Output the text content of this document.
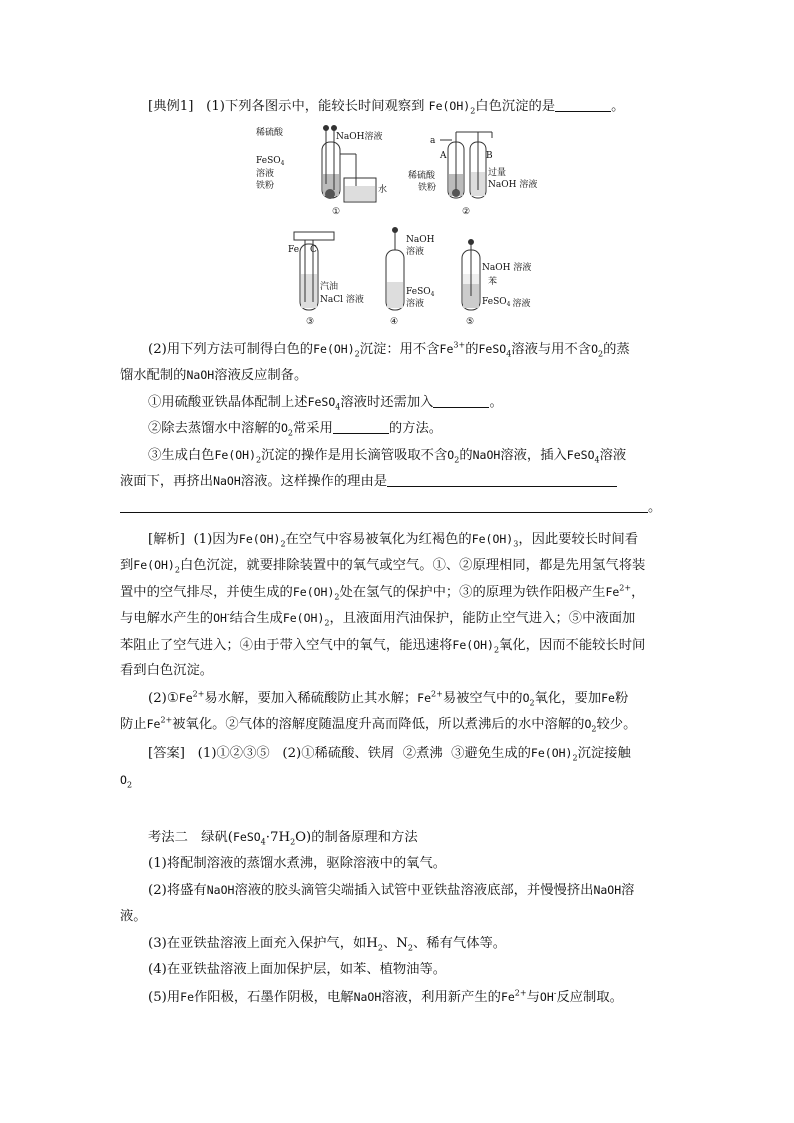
[典例1] (1)下列各图示中，能较长时间观察到 $Fe(OH)_2$白色沉淀的是	。
稀硫酸	NaOH溶液
FeSO$_4$
溶液
铁粉	水
①
a
A	B
稀硫酸
铁粉
过量
NaOH 溶液
②
Fe C
汽油
NaCl 溶液
③
NaOH
溶液
FeSO$_4$
溶液
④
NaOH 溶液
苯
FeSO$_4$ 溶液
⑤
(2)用下列方法可制得白色的$Fe(OH)_2$沉淀：用不含$Fe^{3+}$的FeSO$_4$溶液与用不含$O_2$的蒸
馏水配制的NaOH溶液反应制备。
①用硫酸亚铁晶体配制上述FeSO$_4$溶液时还需加入	。
②除去蒸馏水中溶解的$O_2$常采用	的方法。
③生成白色$Fe(OH)_2$沉淀的操作是用长滴管吸取不含$O_2$的NaOH溶液，插入FeSO$_4$溶液
液面下，再挤出NaOH溶液。这样操作的理由是
。
[解析] (1)因为$Fe(OH)_2$在空气中容易被氧化为红褐色的$Fe(OH)_3$，因此要较长时间看
到$Fe(OH)_2$白色沉淀，就要排除装置中的氧气或空气。①、②原理相同，都是先用氢气将装
置中的空气排尽，并使生成的$Fe(OH)_2$处在氢气的保护中；③的原理为铁作阳极产生$Fe^{2+}$，
与电解水产生的OH-结合生成$Fe(OH)_2$，且液面用汽油保护，能防止空气进入；⑤中液面加
苯阻止了空气进入；④由于带入空气中的氧气，能迅速将$Fe(OH)_2$氧化，因而不能较长时间
看到白色沉淀。
$(2)①Fe^{2+}$易水解，要加入稀硫酸防止其水解；$Fe^{2+}$易被空气中的$O_2$氧化，要加Fe粉
防止$Fe^{2+}$被氧化。②气体的溶解度随温度升高而降低，所以煮沸后的水中溶解的$O_2$较少。
[答案] (1)①②③⑤ (2)①稀硫酸、铁屑 ②煮沸 ③避免生成的$Fe(OH)_2$沉淀接触
$O_2$
考法二　绿矾$(FeSO_4\cdot 7H_2O)$的制备原理和方法
(1)将配制溶液的蒸馏水煮沸，驱除溶液中的氧气。
(2)将盛有NaOH溶液的胶头滴管尖端插入试管中亚铁盐溶液底部，并慢慢挤出NaOH溶
液。
(3)在亚铁盐溶液上面充入保护气，如$H_2$、$N_2$、稀有气体等。
(4)在亚铁盐溶液上面加保护层，如苯、植物油等。
(5)用Fe作阳极，石墨作阴极，电解NaOH溶液，利用新产生的$Fe^{2+}$与OH-反应制取。
